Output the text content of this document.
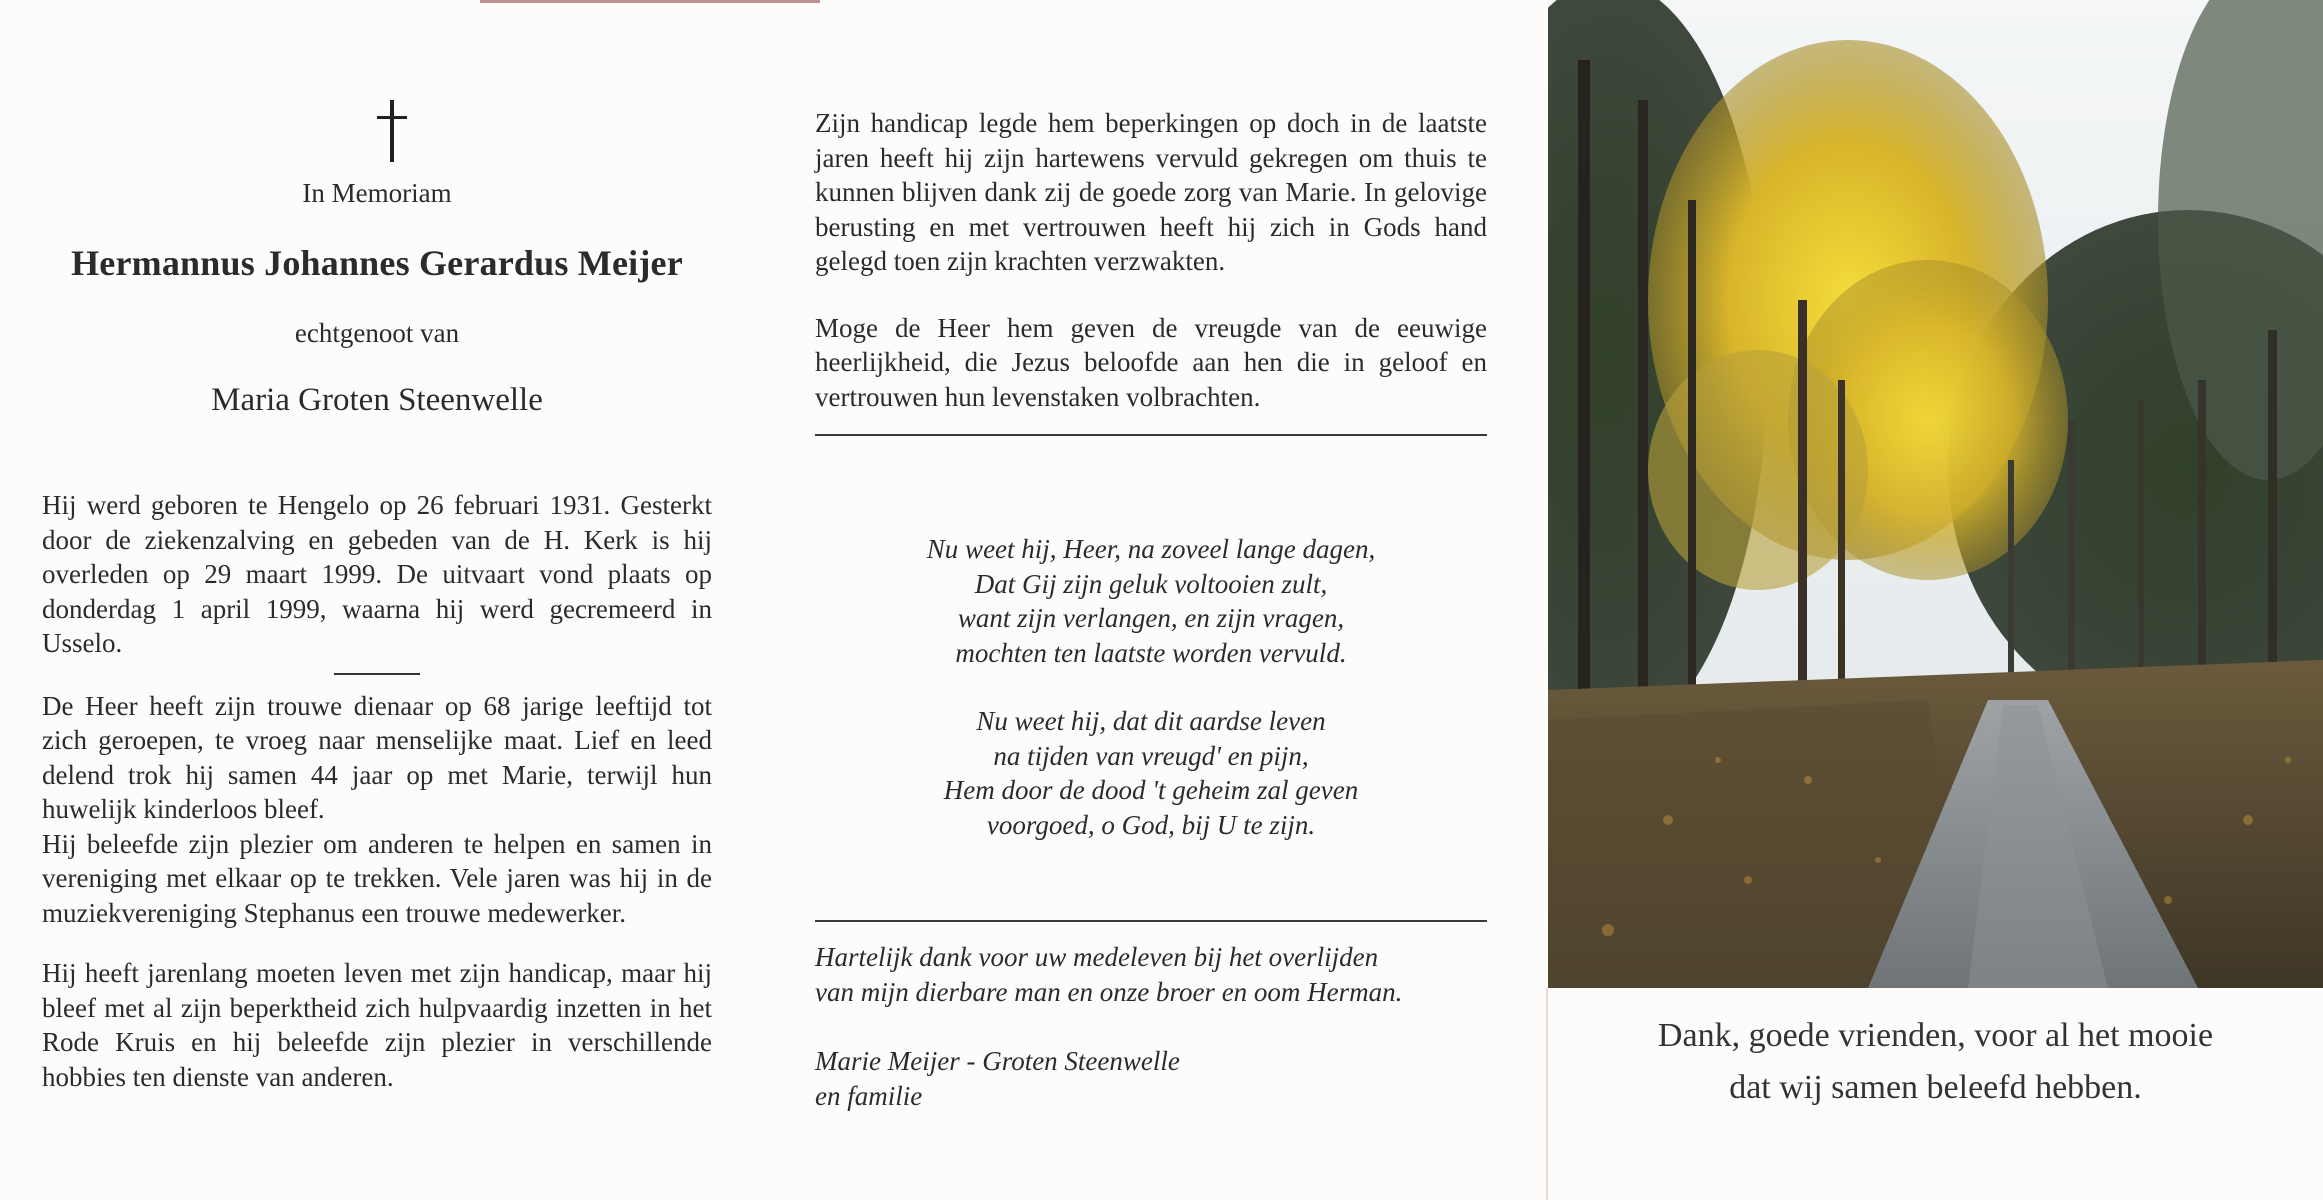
In Memoriam
Hermannus Johannes Gerardus Meijer
echtgenoot van
Maria Groten Steenwelle

Hij werd geboren te Hengelo op 26 februari 1931. Gesterkt door de ziekenzalving en gebeden van de H. Kerk is hij overleden op 29 maart 1999. De uitvaart vond plaats op donderdag 1 april 1999, waarna hij werd gecremeerd in Usselo.

De Heer heeft zijn trouwe dienaar op 68 jarige leeftijd tot zich geroepen, te vroeg naar menselijke maat. Lief en leed delend trok hij samen 44 jaar op met Marie, terwijl hun huwelijk kinderloos bleef.

Hij beleefde zijn plezier om anderen te helpen en samen in vereniging met elkaar op te trekken. Vele jaren was hij in de muziekvereniging Stephanus een trouwe medewerker.

Hij heeft jarenlang moeten leven met zijn handicap, maar hij bleef met al zijn beperktheid zich hulpvaardig inzetten in het Rode Kruis en hij beleefde zijn plezier in verschillende hobbies ten dienste van anderen.

Zijn handicap legde hem beperkingen op doch in de laatste jaren heeft hij zijn hartewens vervuld gekregen om thuis te kunnen blijven dank zij de goede zorg van Marie. In gelovige berusting en met vertrouwen heeft hij zich in Gods hand gelegd toen zijn krachten verzwakten.

Moge de Heer hem geven de vreugde van de eeuwige heerlijkheid, die Jezus beloofde aan hen die in geloof en vertrouwen hun levenstaken volbrachten.

Nu weet hij, Heer, na zoveel lange dagen,

Dat Gij zijn geluk voltooien zult,

want zijn verlangen, en zijn vragen,

mochten ten laatste worden vervuld.

Nu weet hij, dat dit aardse leven

na tijden van vreugd' en pijn,

Hem door de dood 't geheim zal geven

voorgoed, o God, bij U te zijn.

Hartelijk dank voor uw medeleven bij het overlijden

van mijn dierbare man en onze broer en oom Herman.

Marie Meijer - Groten Steenwelle

en familie

Dank, goede vrienden, voor al het mooie
dat wij samen beleefd hebben.
